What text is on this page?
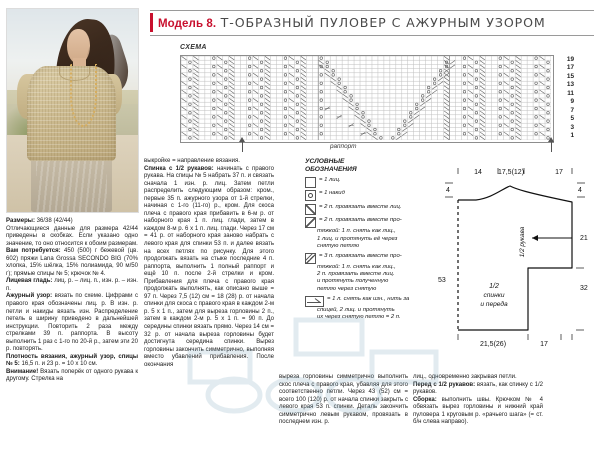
Модель 8. Т-ОБРАЗНЫЙ ПУЛОВЕР С АЖУРНЫМ УЗОРОМ
СХЕМА
19
17
15
13
11
9
7
5
3
1
раппорт
УСЛОВНЫЕ
ОБОЗНАЧЕНИЯ
= 1 лиц.
= 1 накид
= 2 п. провязать вместе лиц.
= 2 п. провязать вместе про-
тяжкой: 1 п. снять как лиц.,
1 лиц. и протянуть её через
снятую петлю
= 3 п. провязать вместе про-
тяжкой: 1 п. снять как лиц.,
2 п. провязать вместе лиц.
и протянуть полученную
петлю через снятую
= 1 л. снять как изн., нить за
спицей, 2 лиц. и протянуть
их через снятую петлю = 2 п.
14 17,5(12)	17
4	4
21
32
53
21,5(26)	17
1/2 рукава
1/2
спинки
и переда

Размеры: 36/38 (42/44)

Отличающиеся данные для размера 42/44 приведены в скобках. Если указано одно значение, то оно относится к обоим размерам.

Вам потребуется: 450 (500) г бежевой (цв. 602) пряжи Lana Grossa SECONDO BIG (70% хлопка, 15% шёлка, 15% полиамида, 90 м/50 г); прямые спицы № 5; крючок № 4.

Лицевая гладь: лиц. р. – лиц. п., изн. р. – изн. п.

Ажурный узор: вязать по схеме. Цифрами с правого края обозначены лиц. р. В изн. р. петли и накиды вязать изн. Распределение петель в ширину приведено в дальнейшей инструкции. Повторить 2 раза между стрелками 39 п. раппорта. В высоту выполнить 1 раз с 1-го по 20-й р., затем эти 20 р. повторять.

Плотность вязания, ажурный узор, спицы № 5: 16,5 п. и 23 р. = 10 x 10 см.

Внимание! Вязать поперёк от одного рукава к другому. Стрелка на

выкройке = направление вязания.

Спинка с 1/2 рукавов: начинать с правого рукава. На спицы № 5 набрать 37 п. и связать сначала 1 изн. р. лиц. Затем петли распределить следующим образом: кром., первые 35 п. ажурного узора от 1-й стрелки, начиная с 1-го (11-го) р., кром. Для скоса плеча с правого края прибавить в 6-м р. от наборного края 1 п. лиц. глади, затем в каждом 8-м р. 6 x 1 п. лиц. глади. Через 17 см = 41 р. от наборного края заново набрать с левого края для спинки 53 п. и далее вязать на всех петлях по рисунку. Для этого продолжать вязать на стыке последние 4 п. раппорта, выполнить 1 полный раппорт и ещё 10 п. после 2-й стрелки и кром. Прибавления для плеча с правого края продолжать выполнять, как описано выше = 97 п. Через 7,5 (12) см = 18 (28) р. от начала спинки для скоса с правого края в каждом 2-м р. 5 x 1 п., затем для выреза горловины 2 п., затем в каждом 2-м р. 5 x 1 п. = 90 п. До середины спинки вязать прямо. Через 14 см = 32 р. от начала выреза горловины будет достигнута середина спинки. Вырез горловины закончить симметрично, выполняя вместо убавлений прибавления. После окончания

выреза горловины симметрично выполнить скос плеча с правого края, убавляя для этого соответственно петли. Через 43 (52) см = всего 100 (120) р. от начала спинки закрыть с левого края 53 п. спинки. Деталь закончить симметрично левым рукавом, провязать в последнем изн. р.

лиц., одновременно закрывая петли.

Перед с 1/2 рукавов: вязать, как спинку с 1/2 рукавов.

Сборка: выполнить швы. Крючком № 4 обвязать вырез горловины и нижний край пуловера 1 круговым р. «рачьего шага» (= ст. б/н слева направо).
